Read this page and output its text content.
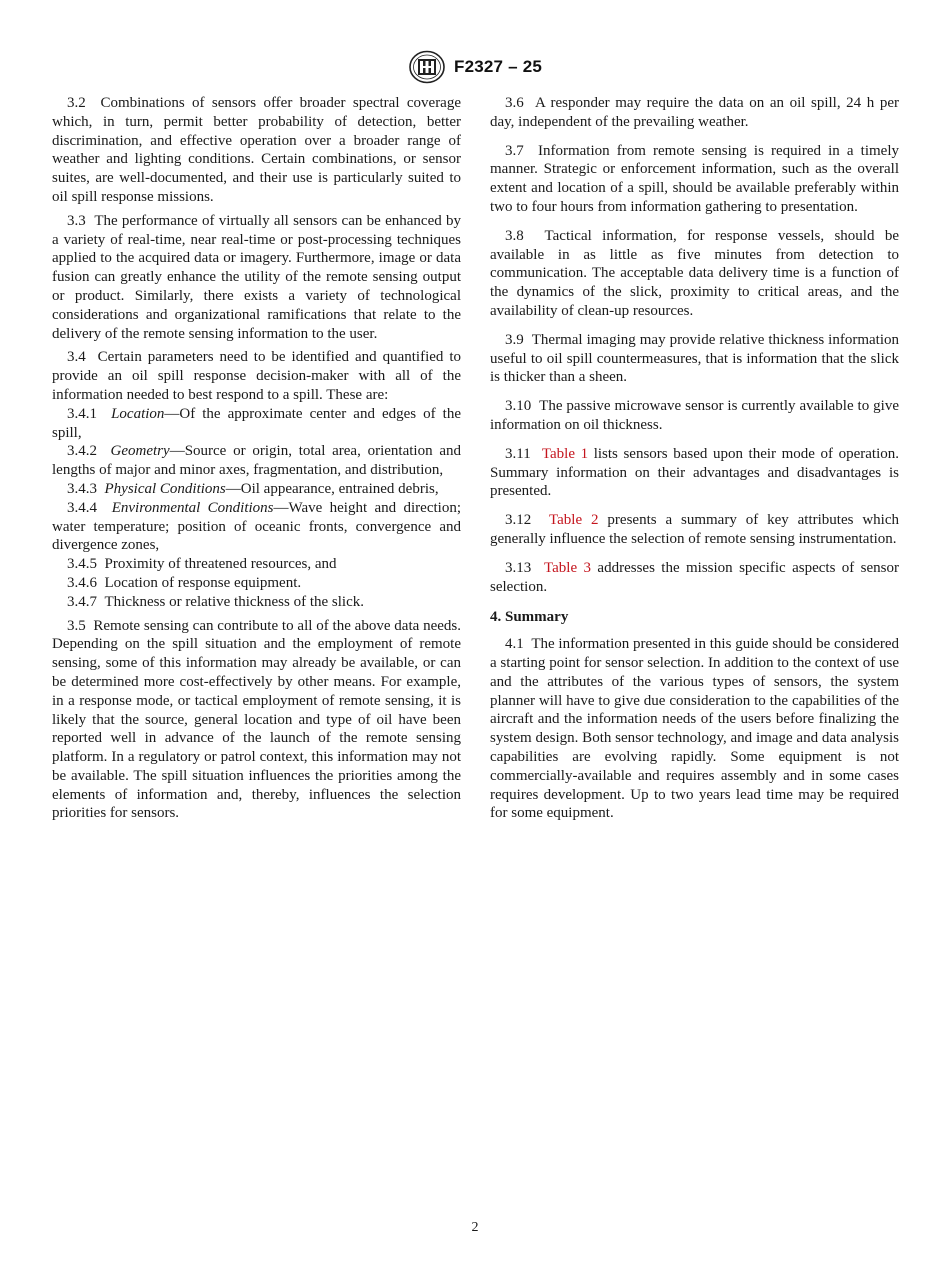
F2327 – 25

3.2 Combinations of sensors offer broader spectral coverage which, in turn, permit better probability of detection, better discrimination, and effective operation over a broader range of weather and lighting conditions. Certain combinations, or sensor suites, are well-documented, and their use is particularly suited to oil spill response missions.

3.3 The performance of virtually all sensors can be enhanced by a variety of real-time, near real-time or post-processing techniques applied to the acquired data or imagery. Furthermore, image or data fusion can greatly enhance the utility of the remote sensing output or product. Similarly, there exists a variety of technological considerations and organizational ramifications that relate to the delivery of the remote sensing information to the user.

3.4 Certain parameters need to be identified and quantified to provide an oil spill response decision-maker with all of the information needed to best respond to a spill. These are:

3.4.1 Location—Of the approximate center and edges of the spill,

3.4.2 Geometry—Source or origin, total area, orientation and lengths of major and minor axes, fragmentation, and distribution,

3.4.3 Physical Conditions—Oil appearance, entrained debris,

3.4.4 Environmental Conditions—Wave height and direction; water temperature; position of oceanic fronts, convergence and divergence zones,

3.4.5 Proximity of threatened resources, and

3.4.6 Location of response equipment.

3.4.7 Thickness or relative thickness of the slick.

3.5 Remote sensing can contribute to all of the above data needs. Depending on the spill situation and the employment of remote sensing, some of this information may already be available, or can be determined more cost-effectively by other means. For example, in a response mode, or tactical employment of remote sensing, it is likely that the source, general location and type of oil have been reported well in advance of the launch of the remote sensing platform. In a regulatory or patrol context, this information may not be available. The spill situation influences the priorities among the elements of information and, thereby, influences the selection priorities for sensors.

3.6 A responder may require the data on an oil spill, 24 h per day, independent of the prevailing weather.

3.7 Information from remote sensing is required in a timely manner. Strategic or enforcement information, such as the overall extent and location of a spill, should be available preferably within two to four hours from information gathering to presentation.

3.8 Tactical information, for response vessels, should be available in as little as five minutes from detection to communication. The acceptable data delivery time is a function of the dynamics of the slick, proximity to critical areas, and the availability of clean-up resources.

3.9 Thermal imaging may provide relative thickness information useful to oil spill countermeasures, that is information that the slick is thicker than a sheen.

3.10 The passive microwave sensor is currently available to give information on oil thickness.

3.11 Table 1 lists sensors based upon their mode of operation. Summary information on their advantages and disadvantages is presented.

3.12 Table 2 presents a summary of key attributes which generally influence the selection of remote sensing instrumentation.

3.13 Table 3 addresses the mission specific aspects of sensor selection.

4. Summary

4.1 The information presented in this guide should be considered a starting point for sensor selection. In addition to the context of use and the attributes of the various types of sensors, the system planner will have to give due consideration to the capabilities of the aircraft and the information needs of the users before finalizing the system design. Both sensor technology, and image and data analysis capabilities are evolving rapidly. Some equipment is not commercially-available and requires assembly and in some cases requires development. Up to two years lead time may be required for some equipment.

2
